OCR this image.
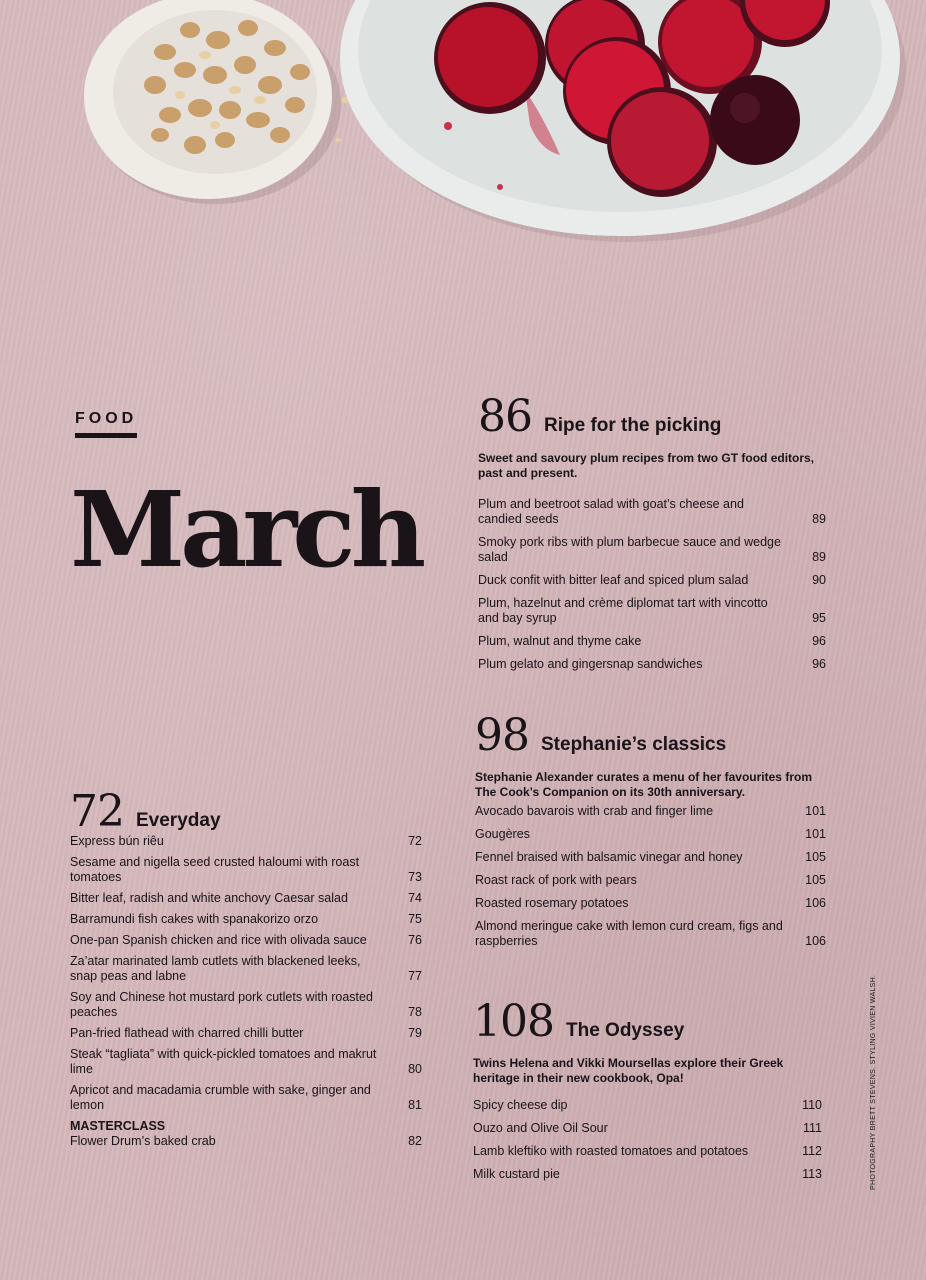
FOOD
March
72 Everyday
Express bún riêu	72
Sesame and nigella seed crusted haloumi with roast tomatoes	73
Bitter leaf, radish and white anchovy Caesar salad	74
Barramundi fish cakes with spanakorizo orzo	75
One-pan Spanish chicken and rice with olivada sauce	76
Za’atar marinated lamb cutlets with blackened leeks, snap peas and labne	77
Soy and Chinese hot mustard pork cutlets with roasted peaches	78
Pan-fried flathead with charred chilli butter	79
Steak “tagliata” with quick-pickled tomatoes and makrut lime	80
Apricot and macadamia crumble with sake, ginger and lemon	81
MASTERCLASS
Flower Drum’s baked crab	82
86 Ripe for the picking
Sweet and savoury plum recipes from two GT food editors, past and present.
Plum and beetroot salad with goat’s cheese and candied seeds	89
Smoky pork ribs with plum barbecue sauce and wedge salad	89
Duck confit with bitter leaf and spiced plum salad	90
Plum, hazelnut and crème diplomat tart with vincotto and bay syrup	95
Plum, walnut and thyme cake	96
Plum gelato and gingersnap sandwiches	96
98 Stephanie’s classics
Stephanie Alexander curates a menu of her favourites from The Cook’s Companion on its 30th anniversary.
Avocado bavarois with crab and finger lime	101
Gougères	101
Fennel braised with balsamic vinegar and honey	105
Roast rack of pork with pears	105
Roasted rosemary potatoes	106
Almond meringue cake with lemon curd cream, figs and raspberries	106
108 The Odyssey
Twins Helena and Vikki Moursellas explore their Greek heritage in their new cookbook, Opa!
Spicy cheese dip	110
Ouzo and Olive Oil Sour	111
Lamb kleftiko with roasted tomatoes and potatoes	112
Milk custard pie	113	PHOTOGRAPHY BRETT STEVENS. STYLING VIVIEN WALSH.
